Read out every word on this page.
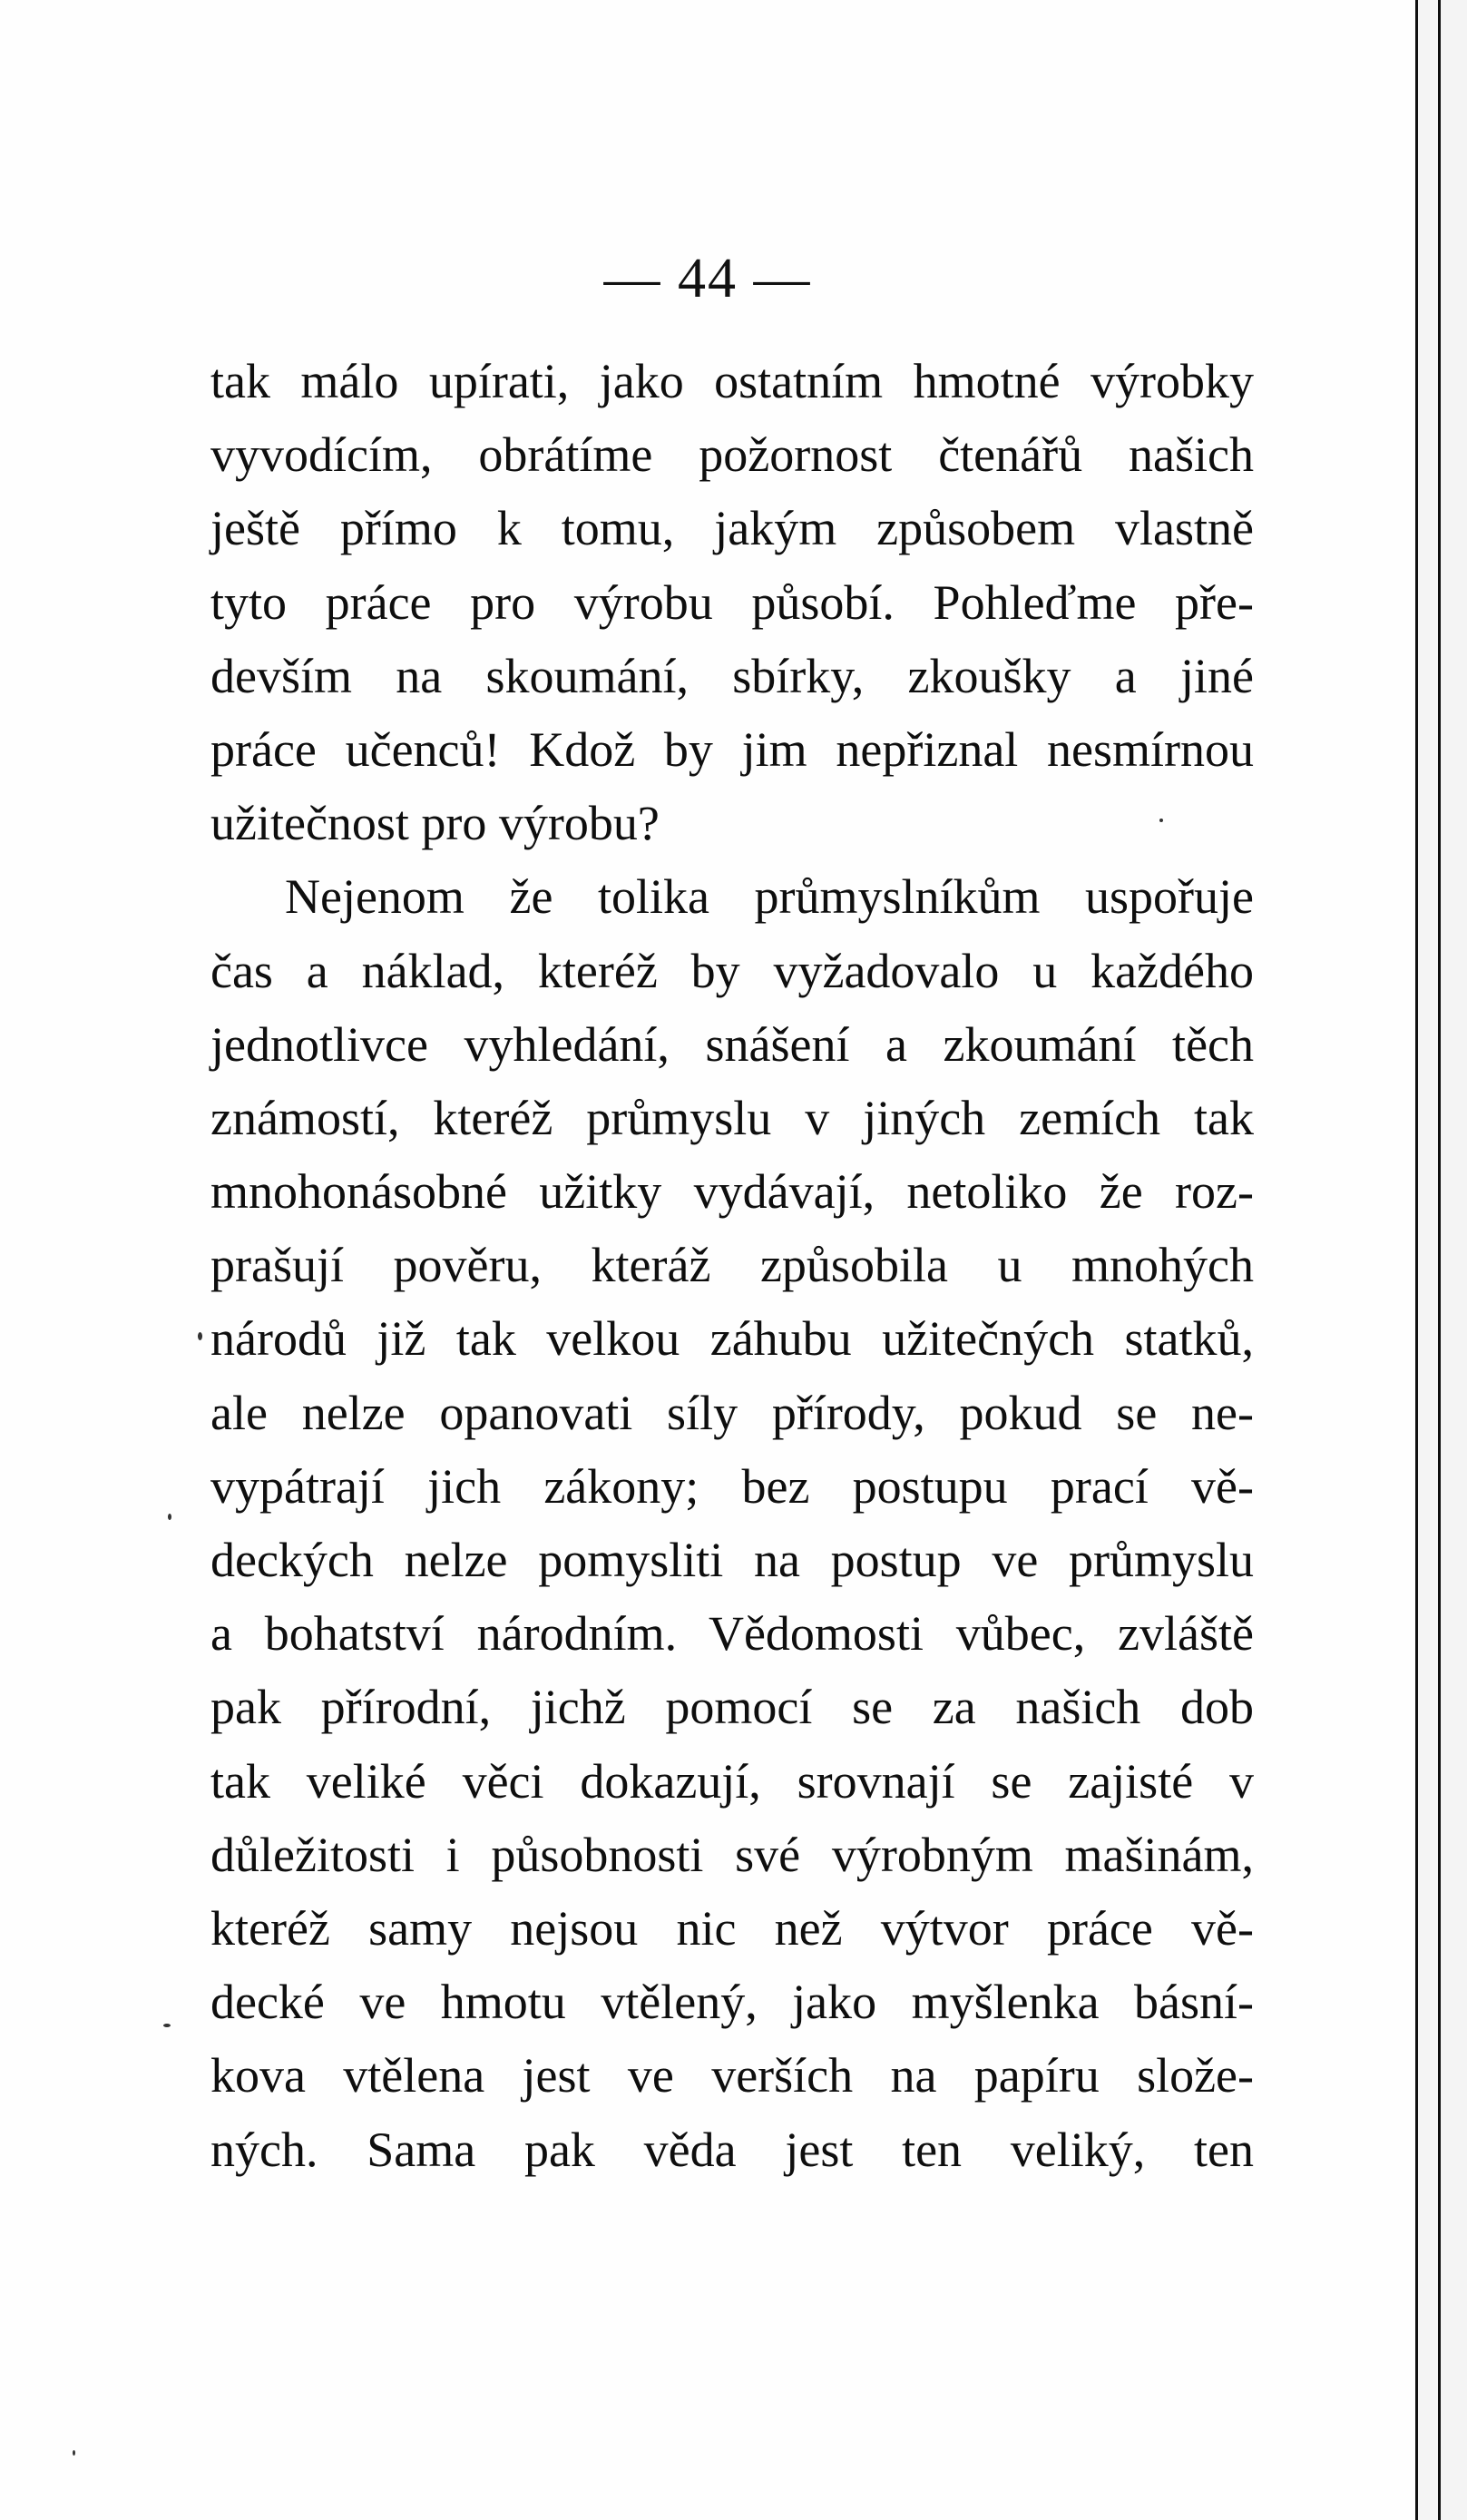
— 44 —
tak málo upírati, jako ostatním hmotné výrobky
vyvodícím, obrátíme požornost čtenářů našich
ještě přímo k tomu, jakým způsobem vlastně
tyto práce pro výrobu působí. Pohleďme pře-
devším na skoumání, sbírky, zkoušky a jiné
práce učenců! Kdož by jim nepřiznal nesmírnou
užitečnost pro výrobu?
Nejenom že tolika průmyslníkům uspořuje
čas a náklad, kteréž by vyžadovalo u každého
jednotlivce vyhledání, snášení a zkoumání těch
známostí, kteréž průmyslu v jiných zemích tak
mnohonásobné užitky vydávají, netoliko že roz-
prašují pověru, kteráž způsobila u mnohých
národů již tak velkou záhubu užitečných statků,
ale nelze opanovati síly přírody, pokud se ne-
vypátrají jich zákony; bez postupu prací vě-
deckých nelze pomysliti na postup ve průmyslu
a bohatství národním. Vědomosti vůbec, zvláště
pak přírodní, jichž pomocí se za našich dob
tak veliké věci dokazují, srovnají se zajisté v
důležitosti i působnosti své výrobným mašinám,
kteréž samy nejsou nic než výtvor práce vě-
decké ve hmotu vtělený, jako myšlenka básní-
kova vtělena jest ve verších na papíru slože-
ných. Sama pak věda jest ten veliký, ten
